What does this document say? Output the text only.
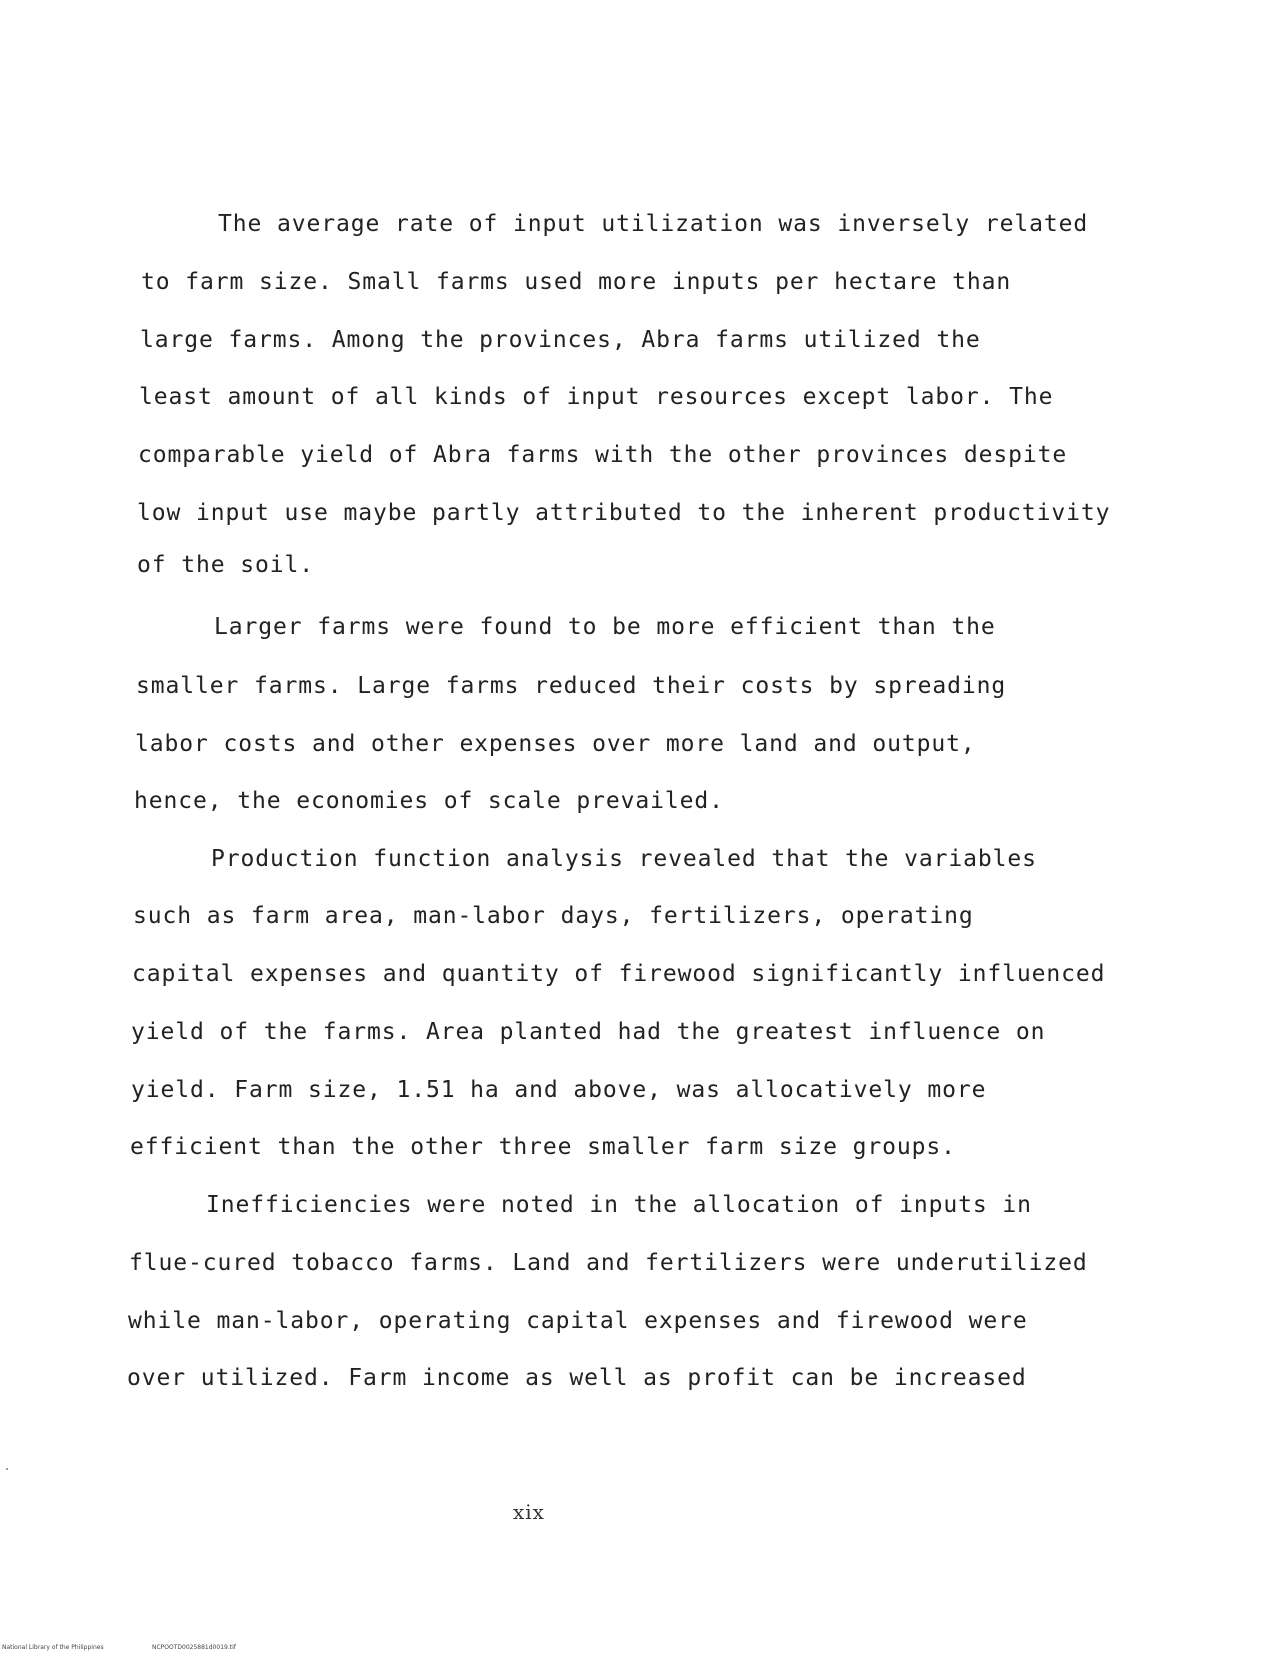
The average rate of input utilization was inversely related
to farm size. Small farms used more inputs per hectare than
large farms. Among the provinces, Abra farms utilized the
least amount of all kinds of input resources except labor. The
comparable yield of Abra farms with the other provinces despite
low input use maybe partly attributed to the inherent productivity
of the soil.
Larger farms were found to be more efficient than the
smaller farms. Large farms reduced their costs by spreading
labor costs and other expenses over more land and output,
hence, the economies of scale prevailed.
Production function analysis revealed that the variables
such as farm area, man-labor days, fertilizers, operating
capital expenses and quantity of firewood significantly influenced
yield of the farms. Area planted had the greatest influence on
yield. Farm size, 1.51 ha and above, was allocatively more
efficient than the other three smaller farm size groups.
Inefficiencies were noted in the allocation of inputs in
flue-cured tobacco farms. Land and fertilizers were underutilized
while man-labor, operating capital expenses and firewood were
over utilized. Farm income as well as profit can be increased
xix
National Library of the Philippines	NCPOOTD0025881d0019.tif
